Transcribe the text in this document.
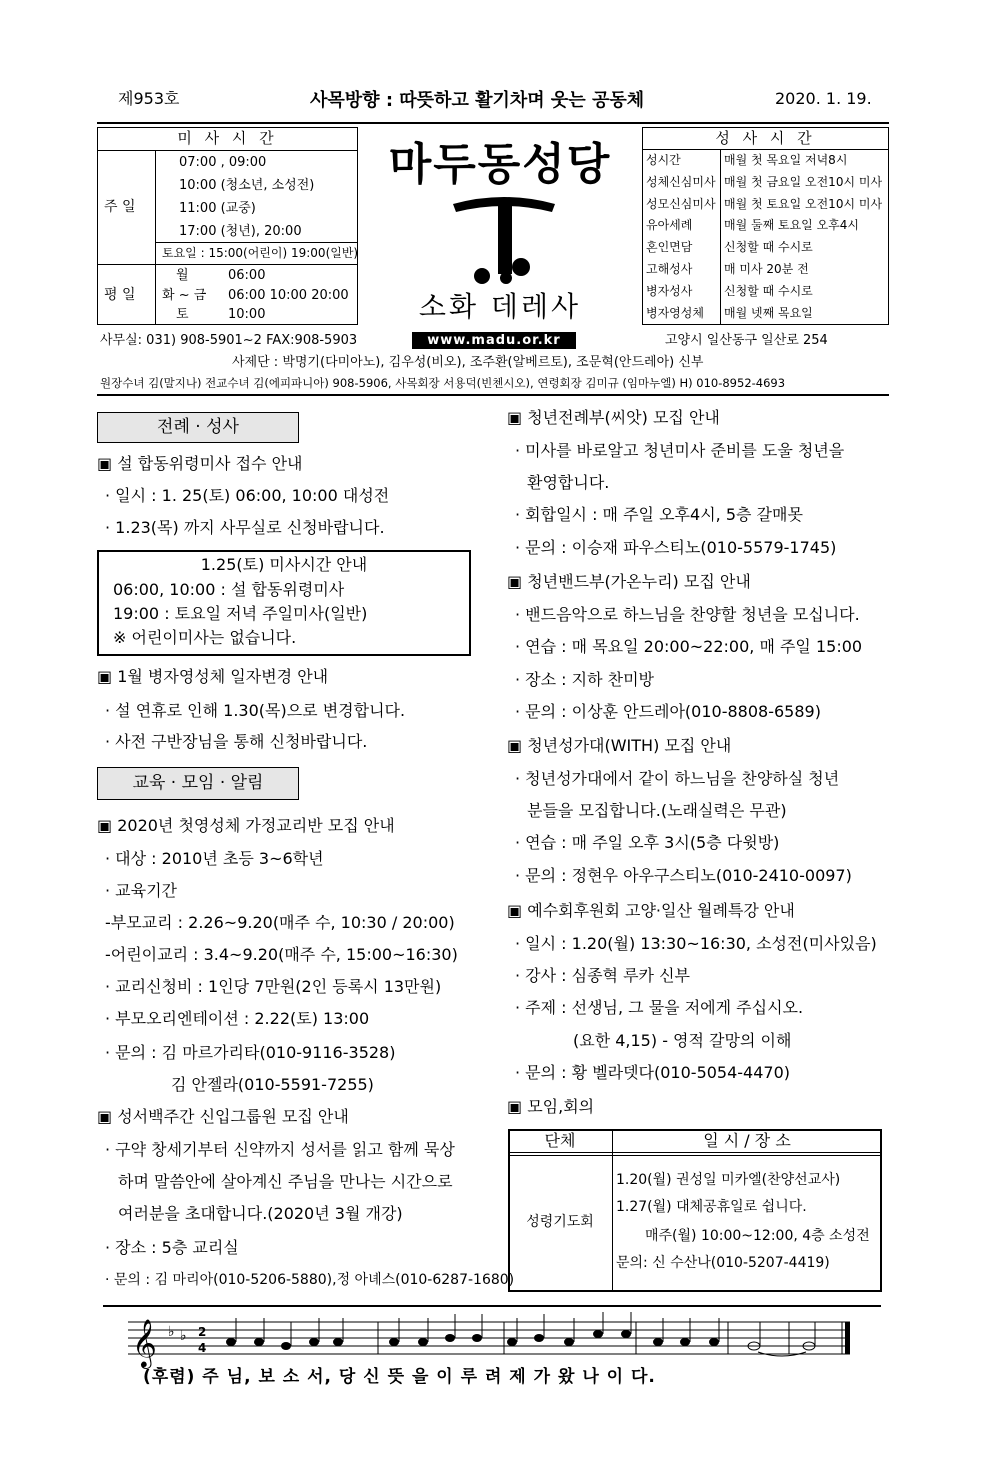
제953호	사목방향 : 따뜻하고 활기차며 웃는 공동체	2020. 1. 19.
미 사 시 간
주 일
07:00 , 09:00
10:00 (청소년, 소성전)
11:00 (교중)
17:00 (청년), 20:00
토요일 : 15:00(어린이) 19:00(일반)
평 일
월	06:00
화 ~ 금 06:00 10:00 20:00
토	10:00
마두동성당
소화 데레사
www.madu.or.kr
성 사 시 간
성시간	매월 첫 목요일 저녁8시
성체신심미사 매월 첫 금요일 오전10시 미사
성모신심미사 매월 첫 토요일 오전10시 미사
유아세례	매월 둘째 토요일 오후4시
혼인면담	신청할 때 수시로
고해성사	매 미사 20분 전
병자성사	신청할 때 수시로
병자영성체 매월 넷째 목요일
사무실: 031) 908-5901~2 FAX:908-5903	고양시 일산동구 일산로 254
사제단 : 박명기(다미아노), 김우성(비오), 조주환(알베르토), 조문혁(안드레아) 신부
원장수녀 김(말지나) 전교수녀 김(에피파니아) 908-5906, 사목회장 서용덕(빈첸시오), 연령회장 김미규 (임마누엘) H) 010-8952-4693
전례 · 성사
▣ 설 합동위령미사 접수 안내
· 일시 : 1. 25(토) 06:00, 10:00 대성전
· 1.23(목) 까지 사무실로 신청바랍니다.
1.25(토) 미사시간 안내
06:00, 10:00 : 설 합동위령미사
19:00 : 토요일 저녁 주일미사(일반)
※ 어린이미사는 없습니다.
▣ 1월 병자영성체 일자변경 안내
· 설 연휴로 인해 1.30(목)으로 변경합니다.
· 사전 구반장님을 통해 신청바랍니다.
교육 · 모임 · 알림
▣ 2020년 첫영성체 가정교리반 모집 안내
· 대상 : 2010년 초등 3~6학년
· 교육기간
-부모교리 : 2.26~9.20(매주 수, 10:30 / 20:00)
-어린이교리 : 3.4~9.20(매주 수, 15:00~16:30)
· 교리신청비 : 1인당 7만원(2인 등록시 13만원)
· 부모오리엔테이션 : 2.22(토) 13:00
· 문의 : 김 마르가리타(010-9116-3528)
김 안젤라(010-5591-7255)
▣ 성서백주간 신입그룹원 모집 안내
· 구약 창세기부터 신약까지 성서를 읽고 함께 묵상
하며 말씀안에 살아계신 주님을 만나는 시간으로
여러분을 초대합니다.(2020년 3월 개강)
· 장소 : 5층 교리실
· 문의 : 김 마리아(010-5206-5880),정 아녜스(010-6287-1680)
▣ 청년전례부(씨앗) 모집 안내
· 미사를 바로알고 청년미사 준비를 도울 청년을
환영합니다.
· 회합일시 : 매 주일 오후4시, 5층 갈매못
· 문의 : 이승재 파우스티노(010-5579-1745)
▣ 청년밴드부(가온누리) 모집 안내
· 밴드음악으로 하느님을 찬양할 청년을 모십니다.
· 연습 : 매 목요일 20:00~22:00, 매 주일 15:00
· 장소 : 지하 찬미방
· 문의 : 이상훈 안드레아(010-8808-6589)
▣ 청년성가대(WITH) 모집 안내
· 청년성가대에서 같이 하느님을 찬양하실 청년
분들을 모집합니다.(노래실력은 무관)
· 연습 : 매 주일 오후 3시(5층 다윗방)
· 문의 : 정현우 아우구스티노(010-2410-0097)
▣ 예수회후원회 고양·일산 월례특강 안내
· 일시 : 1.20(월) 13:30~16:30, 소성전(미사있음)
· 강사 : 심종혁 루카 신부
· 주제 : 선생님, 그 물을 저에게 주십시오.
(요한 4,15) - 영적 갈망의 이해
· 문의 : 황 벨라뎃다(010-5054-4470)
▣ 모임,회의
단체	일 시 / 장 소
성령기도회
1.20(월) 권성일 미카엘(찬양선교사)
1.27(월) 대체공휴일로 쉽니다.
매주(월) 10:00~12:00, 4층 소성전
문의: 신 수산나(010-5207-4419)
𝄞 ♭ ♭ 2
4
(후렴) 주 님, 보 소 서, 당 신 뜻 을 이 루 려 제 가 왔 나 이 다.
